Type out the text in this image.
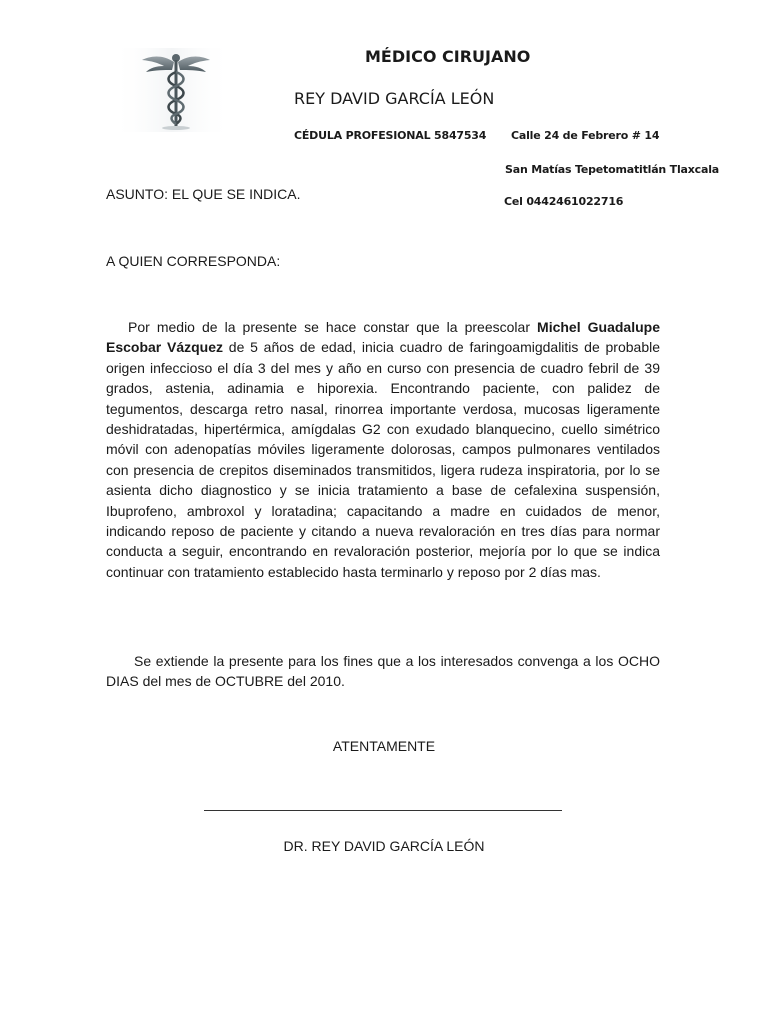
MÉDICO CIRUJANO
REY DAVID GARCÍA LEÓN
CÉDULA PROFESIONAL 5847534 Calle 24 de Febrero # 14
San Matías Tepetomatitlán Tlaxcala
Cel 0442461022716
ASUNTO: EL QUE SE INDICA.
A QUIEN CORRESPONDA:
Por medio de la presente se hace constar que la preescolar Michel Guadalupe Escobar Vázquez de 5 años de edad, inicia cuadro de faringoamigdalitis de probable origen infeccioso el día 3 del mes y año en curso con presencia de cuadro febril de 39 grados, astenia, adinamia e hiporexia. Encontrando paciente, con palidez de tegumentos, descarga retro nasal, rinorrea importante verdosa, mucosas ligeramente deshidratadas, hipertérmica, amígdalas G2 con exudado blanquecino, cuello simétrico móvil con adenopatías móviles ligeramente dolorosas, campos pulmonares ventilados con presencia de crepitos diseminados transmitidos, ligera rudeza inspiratoria, por lo se asienta dicho diagnostico y se inicia tratamiento a base de cefalexina suspensión, Ibuprofeno, ambroxol y loratadina; capacitando a madre en cuidados de menor, indicando reposo de paciente y citando a nueva revaloración en tres días para normar conducta a seguir, encontrando en revaloración posterior, mejoría por lo que se indica continuar con tratamiento establecido hasta terminarlo y reposo por 2 días mas.
Se extiende la presente para los fines que a los interesados convenga a los OCHO DIAS del mes de OCTUBRE del 2010.
ATENTAMENTE
DR. REY DAVID GARCÍA LEÓN
